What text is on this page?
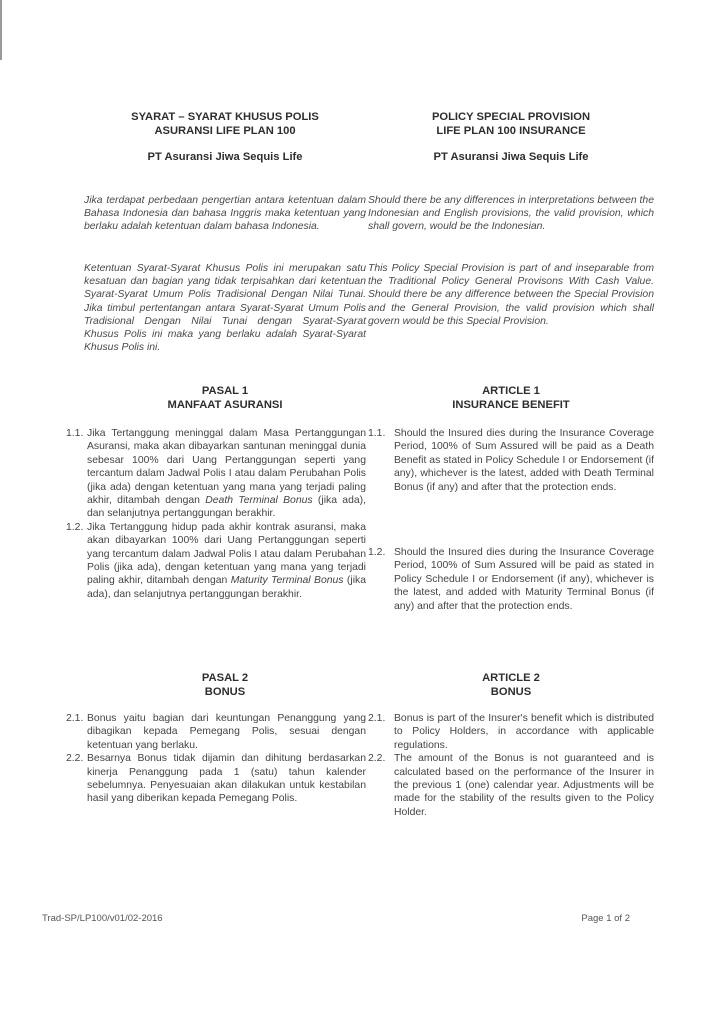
SYARAT – SYARAT KHUSUS POLIS

ASURANSI LIFE PLAN 100

PT Asuransi Jiwa Sequis Life

Jika terdapat perbedaan pengertian antara ketentuan dalam Bahasa Indonesia dan bahasa Inggris maka ketentuan yang berlaku adalah ketentuan dalam bahasa Indonesia.

Ketentuan Syarat-Syarat Khusus Polis ini merupakan satu kesatuan dan bagian yang tidak terpisahkan dari ketentuan Syarat-Syarat Umum Polis Tradisional Dengan Nilai Tunai. Jika timbul pertentangan antara Syarat-Syarat Umum Polis Tradisional Dengan Nilai Tunai dengan Syarat-Syarat Khusus Polis ini maka yang berlaku adalah Syarat-Syarat Khusus Polis ini.

PASAL 1

MANFAAT ASURANSI

1.1. Jika Tertanggung meninggal dalam Masa Pertanggungan Asuransi, maka akan dibayarkan santunan meninggal dunia sebesar 100% dari Uang Pertanggungan seperti yang tercantum dalam Jadwal Polis I atau dalam Perubahan Polis (jika ada) dengan ketentuan yang mana yang terjadi paling akhir, ditambah dengan Death Terminal Bonus (jika ada), dan selanjutnya pertanggungan berakhir.
1.2. Jika Tertanggung hidup pada akhir kontrak asuransi, maka akan dibayarkan 100% dari Uang Pertanggungan seperti yang tercantum dalam Jadwal Polis I atau dalam Perubahan Polis (jika ada), dengan ketentuan yang mana yang terjadi paling akhir, ditambah dengan Maturity Terminal Bonus (jika ada), dan selanjutnya pertanggungan berakhir.

PASAL 2

BONUS

2.1. Bonus yaitu bagian dari keuntungan Penanggung yang dibagikan kepada Pemegang Polis, sesuai dengan ketentuan yang berlaku.
2.2. Besarnya Bonus tidak dijamin dan dihitung berdasarkan kinerja Penanggung pada 1 (satu) tahun kalender sebelumnya. Penyesuaian akan dilakukan untuk kestabilan hasil yang diberikan kepada Pemegang Polis.

POLICY SPECIAL PROVISION

LIFE PLAN 100 INSURANCE

PT Asuransi Jiwa Sequis Life

Should there be any differences in interpretations between the Indonesian and English provisions, the valid provision, which shall govern, would be the Indonesian.

This Policy Special Provision is part of and inseparable from the Traditional Policy General Provisons With Cash Value. Should there be any difference between the Special Provision and the General Provision, the valid provision which shall govern would be this Special Provision.

ARTICLE 1

INSURANCE BENEFIT

1.1. Should the Insured dies during the Insurance Coverage Period, 100% of Sum Assured will be paid as a Death Benefit as stated in Policy Schedule I or Endorsement (if any), whichever is the latest, added with Death Terminal Bonus (if any) and after that the protection ends.
1.2. Should the Insured dies during the Insurance Coverage Period, 100% of Sum Assured will be paid as stated in Policy Schedule I or Endorsement (if any), whichever is the latest, and added with Maturity Terminal Bonus (if any) and after that the protection ends.

ARTICLE 2

BONUS

2.1. Bonus is part of the Insurer's benefit which is distributed to Policy Holders, in accordance with applicable regulations.
2.2. The amount of the Bonus is not guaranteed and is calculated based on the performance of the Insurer in the previous 1 (one) calendar year. Adjustments will be made for the stability of the results given to the Policy Holder.
Trad-SP/LP100/v01/02-2016	Page 1 of 2
